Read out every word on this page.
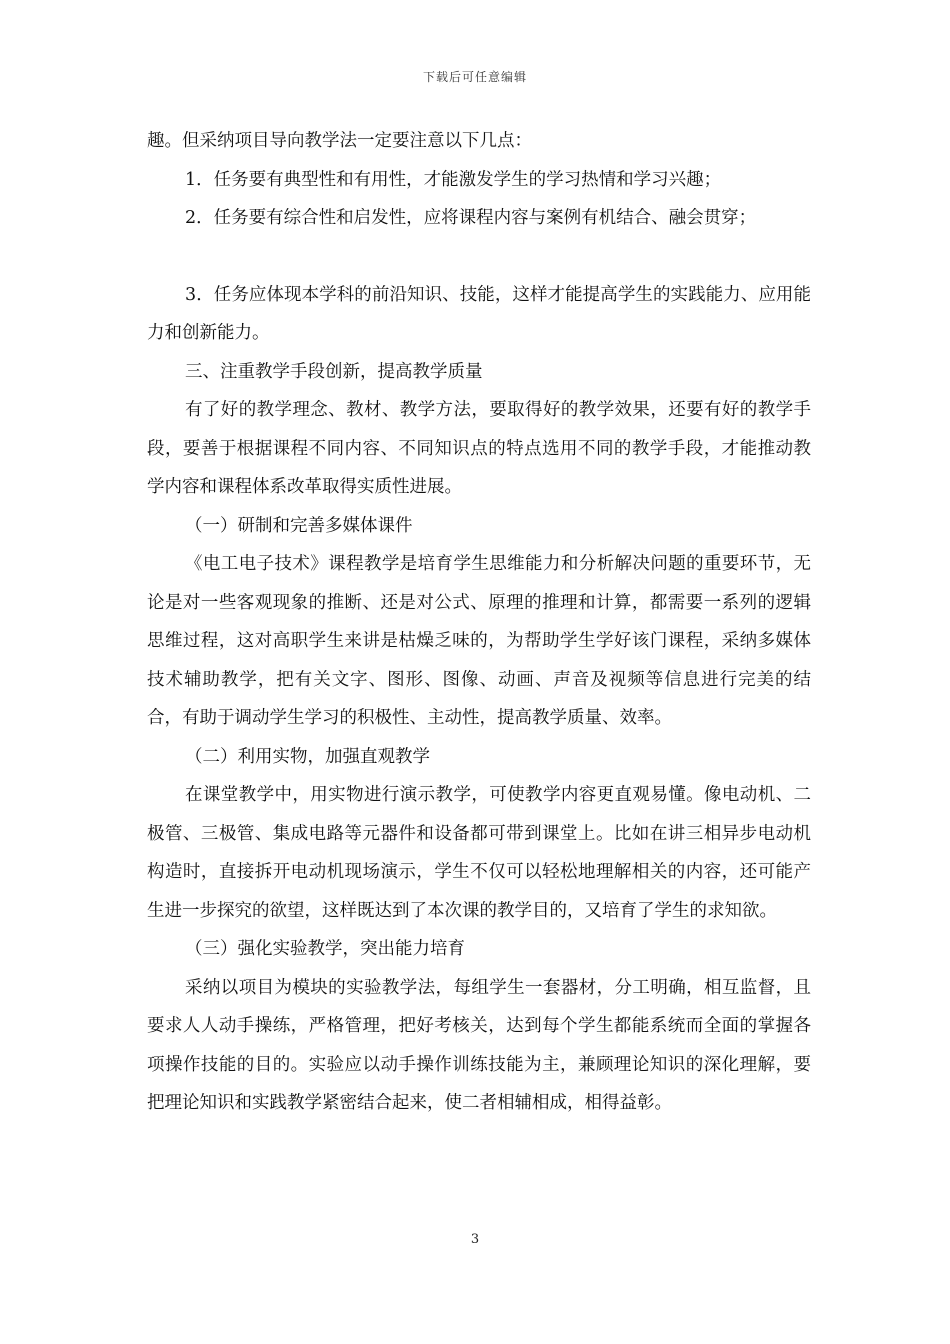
下载后可任意编辑

趣。但采纳项目导向教学法一定要注意以下几点：

1．任务要有典型性和有用性，才能激发学生的学习热情和学习兴趣；

2．任务要有综合性和启发性，应将课程内容与案例有机结合、融会贯穿；

3．任务应体现本学科的前沿知识、技能，这样才能提高学生的实践能力、应用能力和创新能力。

三、注重教学手段创新，提高教学质量

有了好的教学理念、教材、教学方法，要取得好的教学效果，还要有好的教学手段，要善于根据课程不同内容、不同知识点的特点选用不同的教学手段，才能推动教学内容和课程体系改革取得实质性进展。

（一）研制和完善多媒体课件

《电工电子技术》课程教学是培育学生思维能力和分析解决问题的重要环节，无论是对一些客观现象的推断、还是对公式、原理的推理和计算，都需要一系列的逻辑思维过程，这对高职学生来讲是枯燥乏味的，为帮助学生学好该门课程，采纳多媒体技术辅助教学，把有关文字、图形、图像、动画、声音及视频等信息进行完美的结合，有助于调动学生学习的积极性、主动性，提高教学质量、效率。

（二）利用实物，加强直观教学

在课堂教学中，用实物进行演示教学，可使教学内容更直观易懂。像电动机、二极管、三极管、集成电路等元器件和设备都可带到课堂上。比如在讲三相异步电动机构造时，直接拆开电动机现场演示，学生不仅可以轻松地理解相关的内容，还可能产生进一步探究的欲望，这样既达到了本次课的教学目的，又培育了学生的求知欲。

（三）强化实验教学，突出能力培育

采纳以项目为模块的实验教学法，每组学生一套器材，分工明确，相互监督，且要求人人动手操练，严格管理，把好考核关，达到每个学生都能系统而全面的掌握各项操作技能的目的。实验应以动手操作训练技能为主，兼顾理论知识的深化理解，要把理论知识和实践教学紧密结合起来，使二者相辅相成，相得益彰。

3
